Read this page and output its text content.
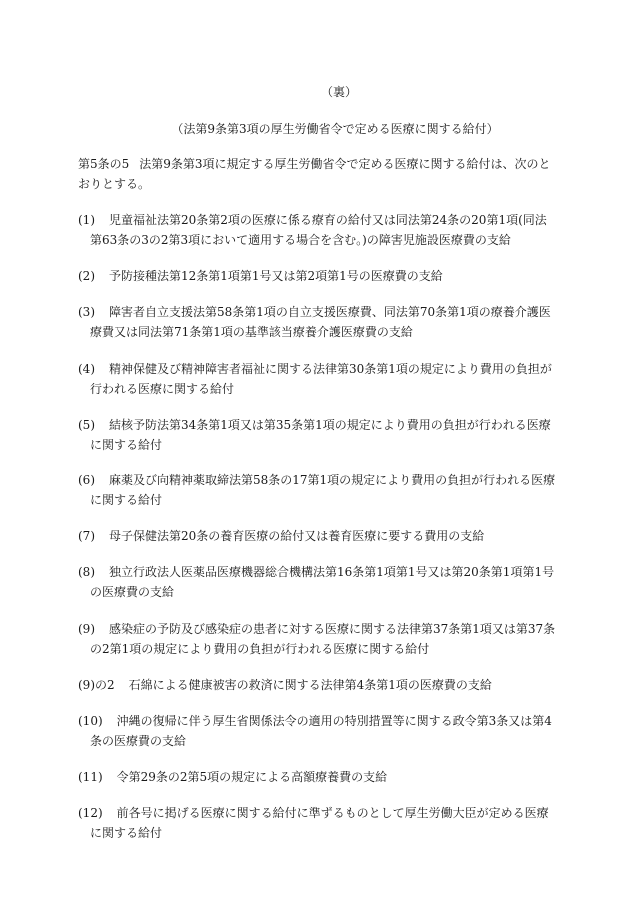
（裏）
（法第9条第3項の厚生労働省令で定める医療に関する給付）
第5条の5 法第9条第3項に規定する厚生労働省令で定める医療に関する給付は、次のとおりとする。
(1) 児童福祉法第20条第2項の医療に係る療育の給付又は同法第24条の20第1項(同法第63条の3の2第3項において適用する場合を含む。)の障害児施設医療費の支給
(2) 予防接種法第12条第1項第1号又は第2項第1号の医療費の支給
(3) 障害者自立支援法第58条第1項の自立支援医療費、同法第70条第1項の療養介護医療費又は同法第71条第1項の基準該当療養介護医療費の支給
(4) 精神保健及び精神障害者福祉に関する法律第30条第1項の規定により費用の負担が行われる医療に関する給付
(5) 結核予防法第34条第1項又は第35条第1項の規定により費用の負担が行われる医療に関する給付
(6) 麻薬及び向精神薬取締法第58条の17第1項の規定により費用の負担が行われる医療に関する給付
(7) 母子保健法第20条の養育医療の給付又は養育医療に要する費用の支給
(8) 独立行政法人医薬品医療機器総合機構法第16条第1項第1号又は第20条第1項第1号の医療費の支給
(9) 感染症の予防及び感染症の患者に対する医療に関する法律第37条第1項又は第37条の2第1項の規定により費用の負担が行われる医療に関する給付
(9)の2 石綿による健康被害の救済に関する法律第4条第1項の医療費の支給
(10) 沖縄の復帰に伴う厚生省関係法令の適用の特別措置等に関する政令第3条又は第4条の医療費の支給
(11) 令第29条の2第5項の規定による高額療養費の支給
(12) 前各号に掲げる医療に関する給付に準ずるものとして厚生労働大臣が定める医療に関する給付
